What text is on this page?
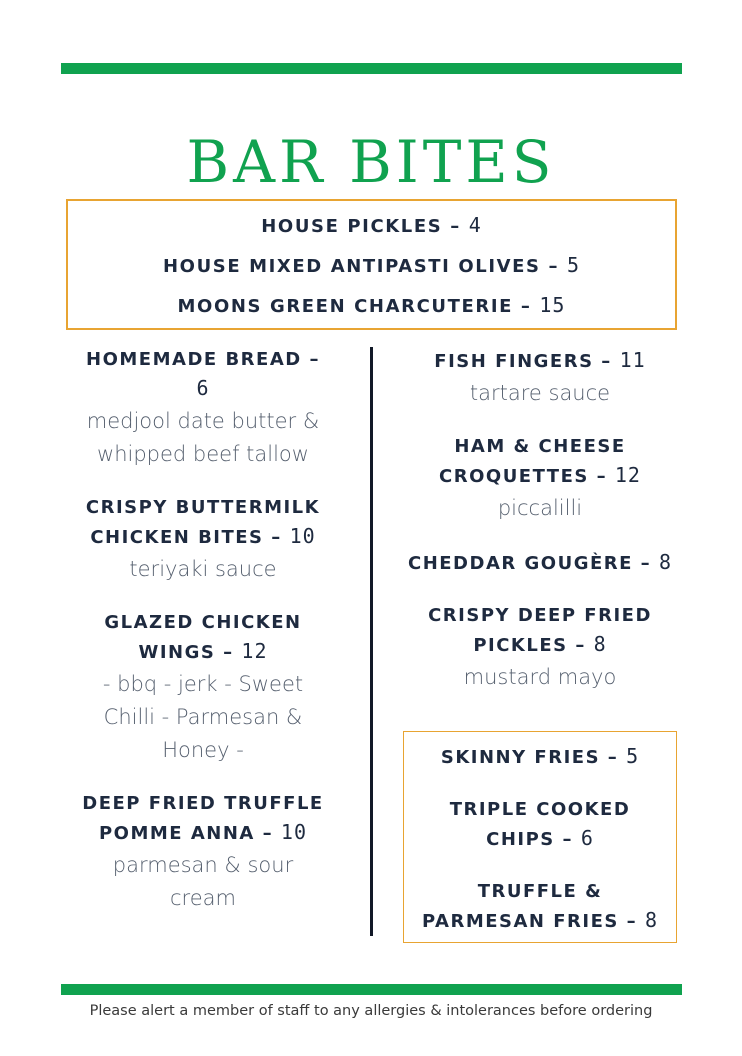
BAR BITES
HOUSE PICKLES – 4
HOUSE MIXED ANTIPASTI OLIVES – 5
MOONS GREEN CHARCUTERIE – 15
HOMEMADE BREAD – 6
medjool date butter & whipped beef tallow
CRISPY BUTTERMILK CHICKEN BITES – 10
teriyaki sauce
GLAZED CHICKEN WINGS – 12
- bbq - jerk - Sweet Chilli - Parmesan & Honey -
DEEP FRIED TRUFFLE POMME ANNA – 10
parmesan & sour cream
FISH FINGERS – 11
tartare sauce
HAM & CHEESE CROQUETTES – 12
piccalilli
CHEDDAR GOUGÈRE – 8
CRISPY DEEP FRIED PICKLES – 8
mustard mayo
SKINNY FRIES – 5
TRIPLE COOKED CHIPS – 6
TRUFFLE & PARMESAN FRIES – 8
Please alert a member of staff to any allergies & intolerances before ordering
